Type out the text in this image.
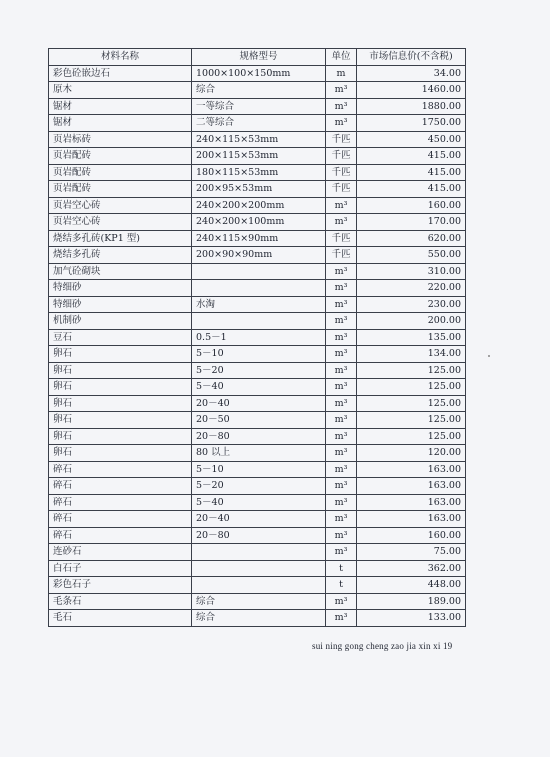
材料名称	规格型号	单位	市场信息价(不含税)
彩色砼嵌边石	1000×100×150mm	m	34.00
原木	综合	m³	1460.00
锯材	一等综合	m³	1880.00
锯材	二等综合	m³	1750.00
页岩标砖	240×115×53mm	千匹	450.00
页岩配砖	200×115×53mm	千匹	415.00
页岩配砖	180×115×53mm	千匹	415.00
页岩配砖	200×95×53mm	千匹	415.00
页岩空心砖	240×200×200mm	m³	160.00
页岩空心砖	240×200×100mm	m³	170.00
烧结多孔砖(KP1 型)	240×115×90mm	千匹	620.00
烧结多孔砖	200×90×90mm	千匹	550.00
加气砼砌块		m³	310.00
特细砂		m³	220.00
特细砂	水淘	m³	230.00
机制砂		m³	200.00
豆石	0.5－1	m³	135.00
卵石	5－10	m³	134.00
卵石	5－20	m³	125.00
卵石	5－40	m³	125.00
卵石	20－40	m³	125.00
卵石	20－50	m³	125.00
卵石	20－80	m³	125.00
卵石	80 以上	m³	120.00
碎石	5－10	m³	163.00
碎石	5－20	m³	163.00
碎石	5－40	m³	163.00
碎石	20－40	m³	163.00
碎石	20－80	m³	160.00
连砂石		m³	75.00
白石子		t	362.00
彩色石子		t	448.00
毛条石	综合	m³	189.00
毛石	综合	m³	133.00
sui ning gong cheng zao jia xin xi 19
